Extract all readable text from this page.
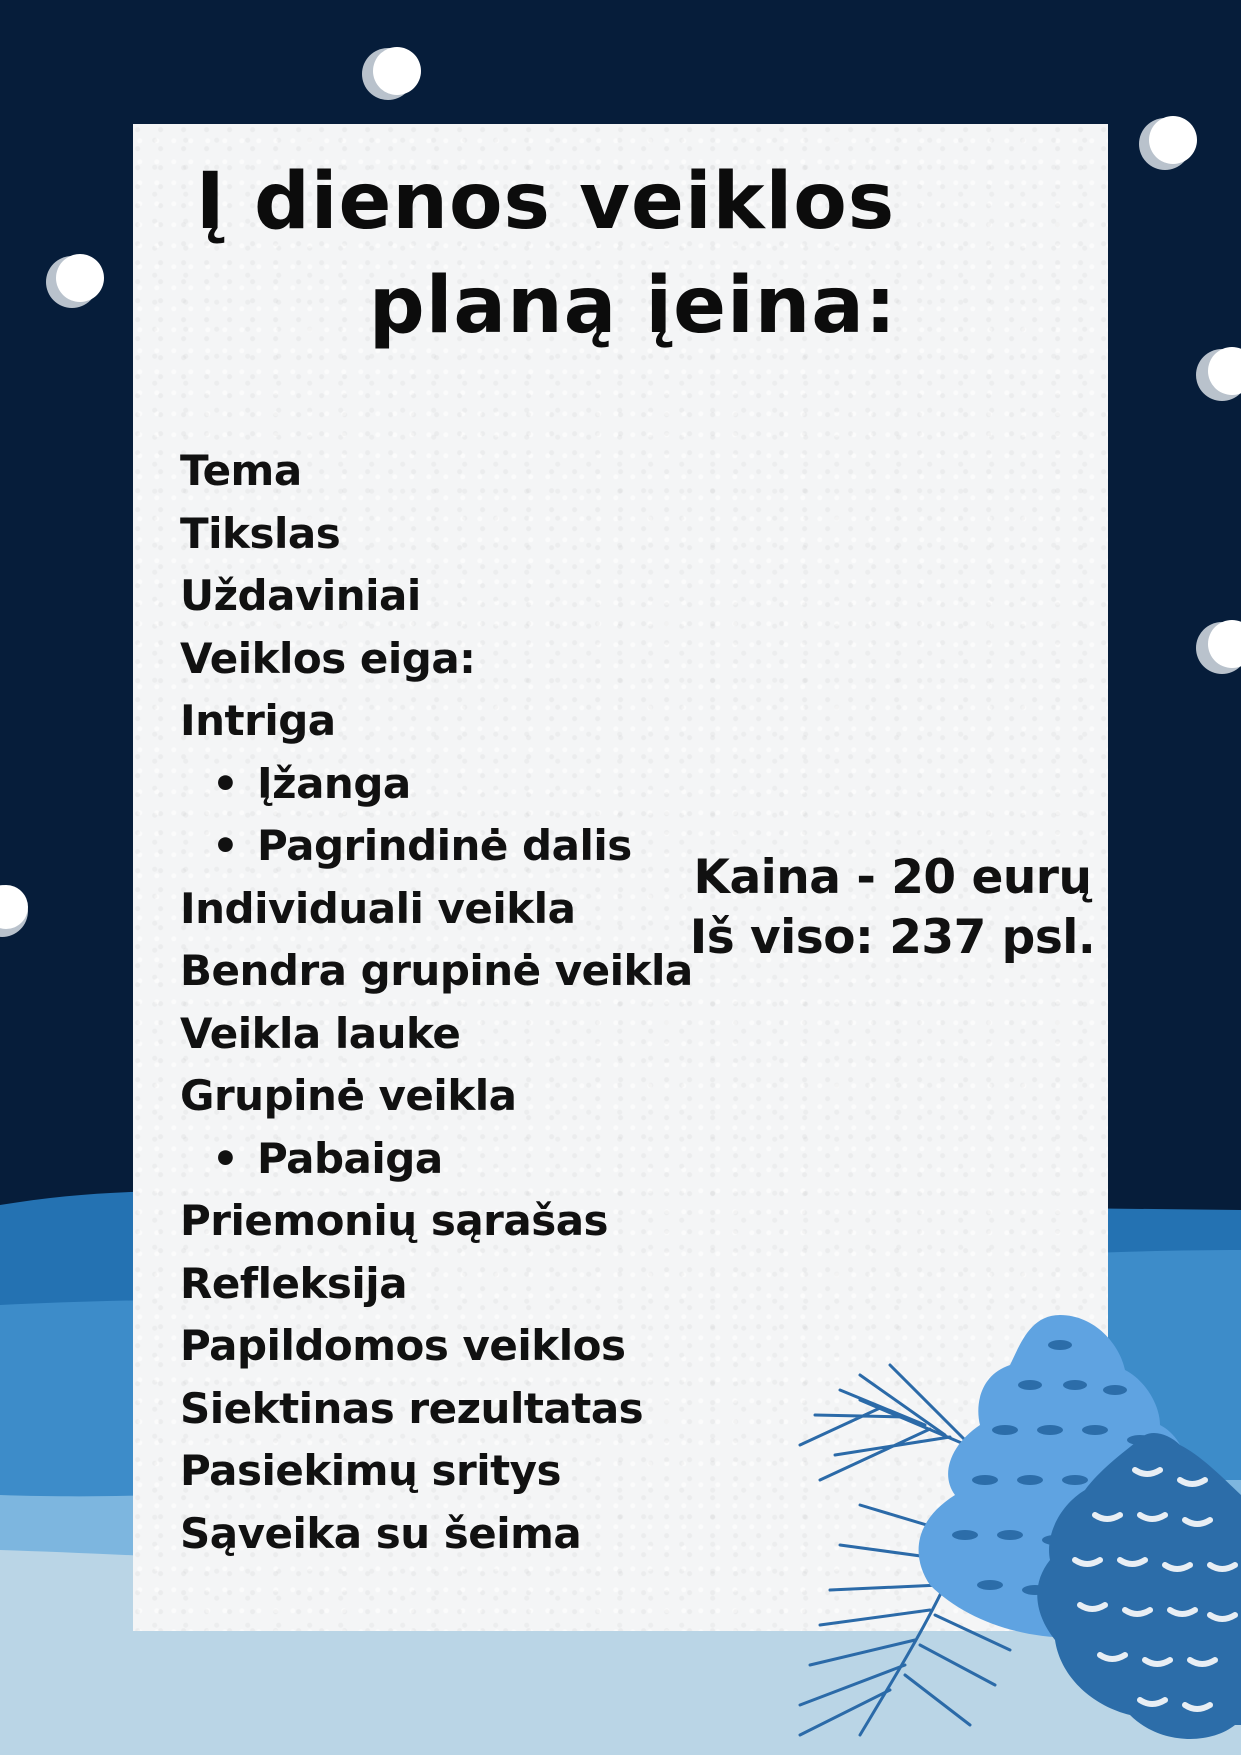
Į dienos veiklos
planą įeina:
Tema
Tikslas
Uždaviniai
Veiklos eiga:
Intriga
• Įžanga
• Pagrindinė dalis
Individuali veikla
Bendra grupinė veikla
Veikla lauke
Grupinė veikla
• Pabaiga
Priemonių sąrašas
Refleksija
Papildomos veiklos
Siektinas rezultatas
Pasiekimų sritys
Sąveika su šeima
Kaina - 20 eurų
Iš viso: 237 psl.
